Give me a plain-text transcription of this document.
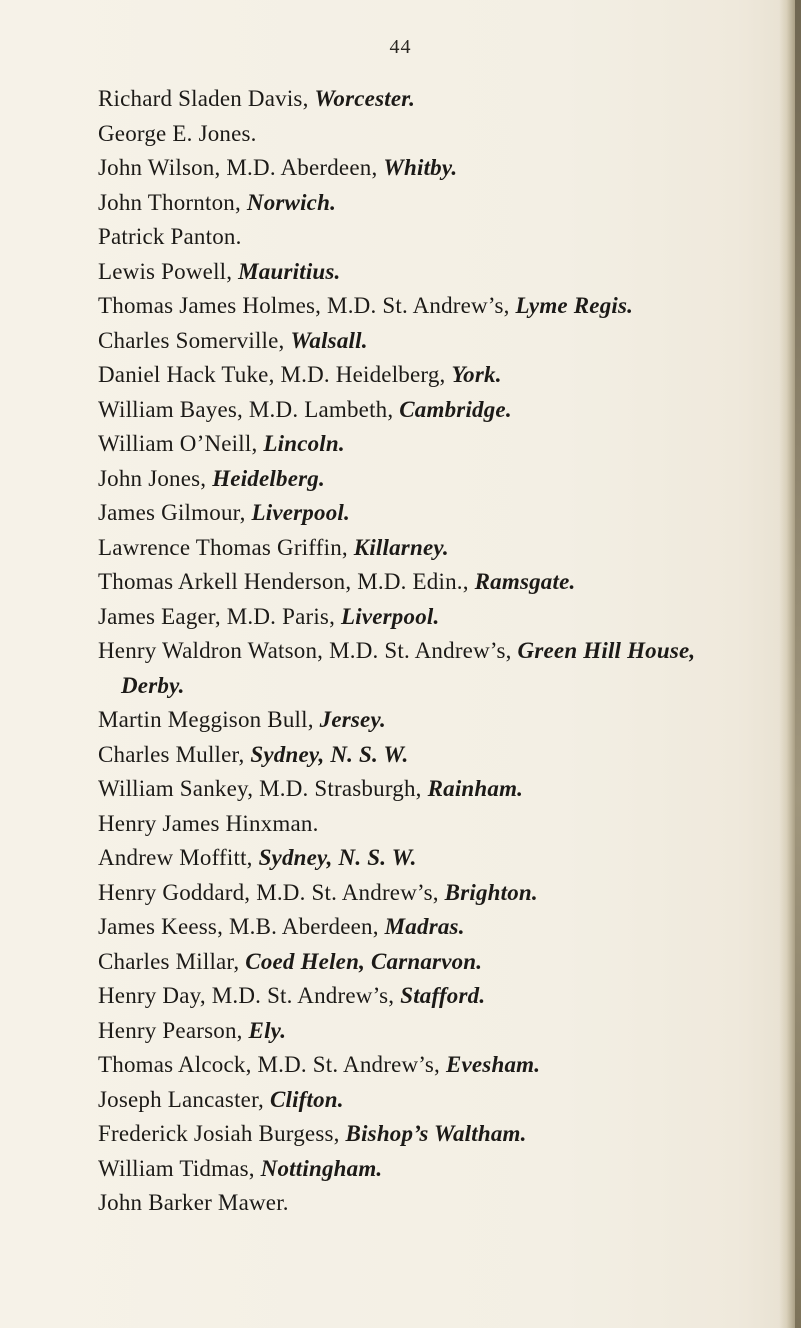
44
Richard Sladen Davis, Worcester.
George E. Jones.
John Wilson, M.D. Aberdeen, Whitby.
John Thornton, Norwich.
Patrick Panton.
Lewis Powell, Mauritius.
Thomas James Holmes, M.D. St. Andrew’s, Lyme Regis.
Charles Somerville, Walsall.
Daniel Hack Tuke, M.D. Heidelberg, York.
William Bayes, M.D. Lambeth, Cambridge.
William O’Neill, Lincoln.
John Jones, Heidelberg.
James Gilmour, Liverpool.
Lawrence Thomas Griffin, Killarney.
Thomas Arkell Henderson, M.D. Edin., Ramsgate.
James Eager, M.D. Paris, Liverpool.
Henry Waldron Watson, M.D. St. Andrew’s, Green Hill House, Derby.
Martin Meggison Bull, Jersey.
Charles Muller, Sydney, N. S. W.
William Sankey, M.D. Strasburgh, Rainham.
Henry James Hinxman.
Andrew Moffitt, Sydney, N. S. W.
Henry Goddard, M.D. St. Andrew’s, Brighton.
James Keess, M.B. Aberdeen, Madras.
Charles Millar, Coed Helen, Carnarvon.
Henry Day, M.D. St. Andrew’s, Stafford.
Henry Pearson, Ely.
Thomas Alcock, M.D. St. Andrew’s, Evesham.
Joseph Lancaster, Clifton.
Frederick Josiah Burgess, Bishop’s Waltham.
William Tidmas, Nottingham.
John Barker Mawer.
